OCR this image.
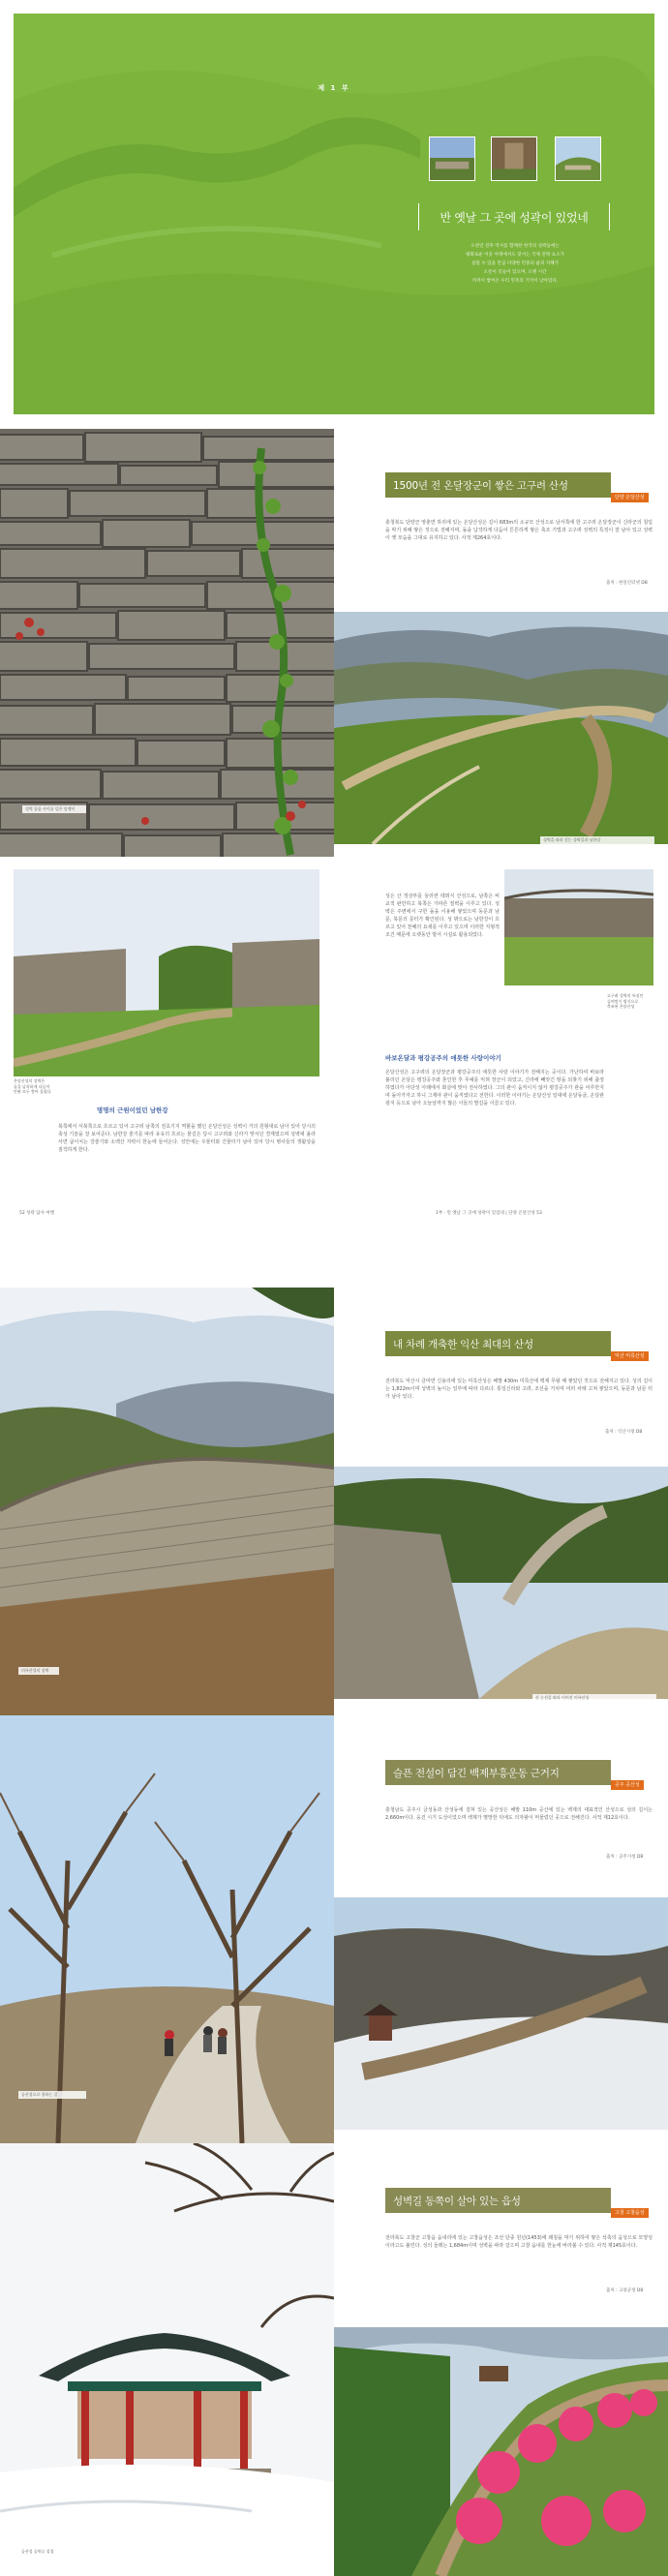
제 1 부
반 옛날 그 곳에 성곽이 있었네
오천년 전후 역사를 함께한 한국의 성곽들에는
평화로운 이웃 아래에서도 맞서는 국제 전략 요소가
실릴 수 있을 만큼 다양한 민중의 삶과 지혜가
오롯이 깃들어 있으며, 오랜 시간
켜켜이 쌓여온 우리 민족의 기억이 남아있다.
성벽 돌틈 사이를 덮은 담쟁이
1500년 전 온달장군이 쌓은 고구려 산성
단양 온달산성
충청북도 단양군 영춘면 하리에 있는 온달산성은 길이 683m의 소규모 산성으로 남서쪽에 한 고구려 온달장군이 신라군의 침입을 막기 위해 쌓은 것으로 전해지며, 돌을 납작하게 다듬어 튼튼하게 쌓은 축조 기법과 고구려 성벽의 특징이 잘 남아 있고 성벽이 옛 모습을 그대로 유지하고 있다. 사적 제264호이다.
출처 : 한일인터넷 DB
성벽을 따라 걷는 성곽길과 남한강
온달산성의 성벽은
돌을 납작하게 다듬어
안팎 모두 쌓아 올렸다
명명의 근원이었던 남한강
북쪽에서 서북쪽으로 흐르고 있어 고구려 남쪽의 전초기지 역할을 했던 온달산성은 성벽이 거의 원형대로 남아 있어 당시의 축성 기술을 잘 보여준다. 남한강 줄기를 따라 유유히 흐르는 물길은 당시 고구려와 신라가 맞서던 경계였으며 성벽에 올라서면 굽이치는 강줄기와 소백산 자락이 한눈에 들어온다. 성안에는 우물터와 건물터가 남아 있어 당시 병사들의 생활상을 짐작하게 한다.
성은 산 정상부를 둘러싼 테뫼식 산성으로, 남쪽은 비교적 완만하고 북쪽은 가파른 절벽을 이루고 있다. 성벽은 주변에서 구한 돌을 이용해 쌓았으며 동문과 남문, 북문의 문터가 확인된다. 성 밖으로는 남한강이 흐르고 있어 천혜의 요새를 이루고 있으며 이러한 지형적 조건 때문에 오랫동안 방어 시설로 활용되었다.
고구려 성벽의 특징인
들여쌓기 방식으로
축조된 온달산성
바보온달과 평강공주의 애틋한 사랑이야기
온달산성은 고구려의 온달장군과 평강공주의 애틋한 사랑 이야기가 전해지는 곳이다. 가난하여 바보라 불리던 온달은 평강공주와 혼인한 후 무예를 익혀 장군이 되었고, 신라에 빼앗긴 땅을 되찾기 위해 출정하였다가 아단성 아래에서 화살에 맞아 전사하였다. 그의 관이 움직이지 않자 평강공주가 관을 어루만지며 돌아가자고 하니 그제야 관이 움직였다고 전한다. 이러한 이야기는 온달산성 일대에 온달동굴, 온달관광지 등으로 남아 오늘날까지 많은 이들의 발길을 이끌고 있다.
52 성곽 답사 여행	1부 · 먼 옛날 그 곳에 성곽이 있었네 | 단양 온달산성 53
미륵산성의 성벽
내 차례 개축한 익산 최대의 산성
익산 미륵산성
전라북도 익산시 금마면 신용리에 있는 미륵산성은 해발 430m 미륵산에 백제 무왕 때 쌓았던 것으로 전해지고 있다. 성의 길이는 1,822m이며 성벽의 높이는 일부에 따라 다르다. 통일신라와 고려, 조선을 거치며 여러 차례 고쳐 쌓았으며, 동문과 남문 터가 남아 있다.
출처 : 익산시청 DB
산 능선을 따라 이어진 미륵산성
공산성으로 향하는 길
슬픈 전설이 담긴 백제부흥운동 근거지
공주 공산성
충청남도 공주시 금성동과 산성동에 걸쳐 있는 공산성은 해발 110m 공산에 있는 백제의 대표적인 산성으로 성의 길이는 2,660m이다. 웅진 시기 도성이었으며 백제가 멸망한 뒤에도 의자왕이 머물렀던 곳으로 전해진다. 사적 제12호이다.
출처 : 공주시청 DB
공산성 공북루 설경
성벽길 동쪽이 살아 있는 읍성
고창 고창읍성
전라북도 고창군 고창읍 읍내리에 있는 고창읍성은 조선 단종 원년(1453)에 왜침을 막기 위하여 쌓은 석축의 읍성으로 모양성이라고도 불린다. 성의 둘레는 1,684m이며 성벽을 따라 걸으며 고창 읍내를 한눈에 바라볼 수 있다. 사적 제145호이다.
출처 : 고창군청 DB
